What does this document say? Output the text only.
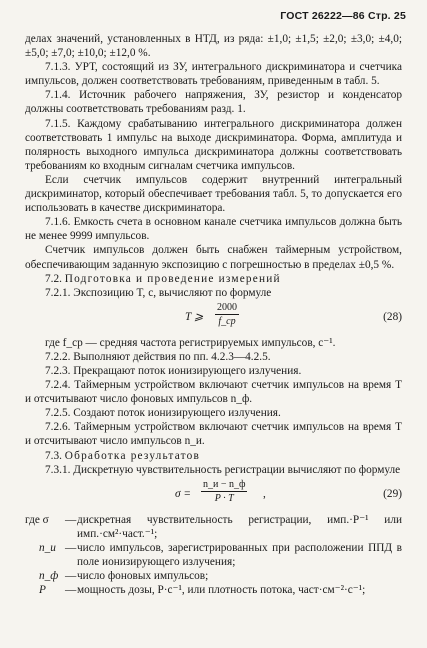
ГОСТ 26222—86 Стр. 25

делах значений, установленных в НТД, из ряда: ±1,0; ±1,5; ±2,0; ±3,0; ±4,0; ±5,0; ±7,0; ±10,0; ±12,0 %.

7.1.3. УРТ, состоящий из ЗУ, интегрального дискриминатора и счетчика импульсов, должен соответствовать требованиям, приведенным в табл. 5.

7.1.4. Источник рабочего напряжения, ЗУ, резистор и конденсатор должны соответствовать требованиям разд. 1.

7.1.5. Каждому срабатыванию интегрального дискриминатора должен соответствовать 1 импульс на выходе дискриминатора. Форма, амплитуда и полярность выходного импульса дискриминатора должны соответствовать требованиям ко входным сигналам счетчика импульсов.

Если счетчик импульсов содержит внутренний интегральный дискриминатор, который обеспечивает требования табл. 5, то допускается его использовать в качестве дискриминатора.

7.1.6. Емкость счета в основном канале счетчика импульсов должна быть не менее 9999 импульсов.

Счетчик импульсов должен быть снабжен таймерным устройством, обеспечивающим заданную экспозицию с погрешностью в пределах ±0,5 %.

7.2. Подготовка и проведение измерений

7.2.1. Экспозицию T, с, вычисляют по формуле

T ⩾
2000
f_ср	(28)

где f_ср — средняя частота регистрируемых импульсов, с⁻¹.

7.2.2. Выполняют действия по пп. 4.2.3—4.2.5.

7.2.3. Прекращают поток ионизирующего излучения.

7.2.4. Таймерным устройством включают счетчик импульсов на время T и отсчитывают число фоновых импульсов n_ф.

7.2.5. Создают поток ионизирующего излучения.

7.2.6. Таймерным устройством включают счетчик импульсов на время T и отсчитывают число импульсов n_и.

7.3. Обработка результатов

7.3.1. Дискретную чувствительность регистрации вычисляют по формуле

σ =
n_и − n_ф
P · T	,	(29)
где σ	— дискретная чувствительность регистрации, имп.·Р⁻¹ или имп.·см²·част.⁻¹;
n_и — число импульсов, зарегистрированных при расположении ППД в поле ионизирующего излучения;
n_ф — число фоновых импульсов;
P	— мощность дозы, Р·с⁻¹, или плотность потока, част·см⁻²·с⁻¹;
